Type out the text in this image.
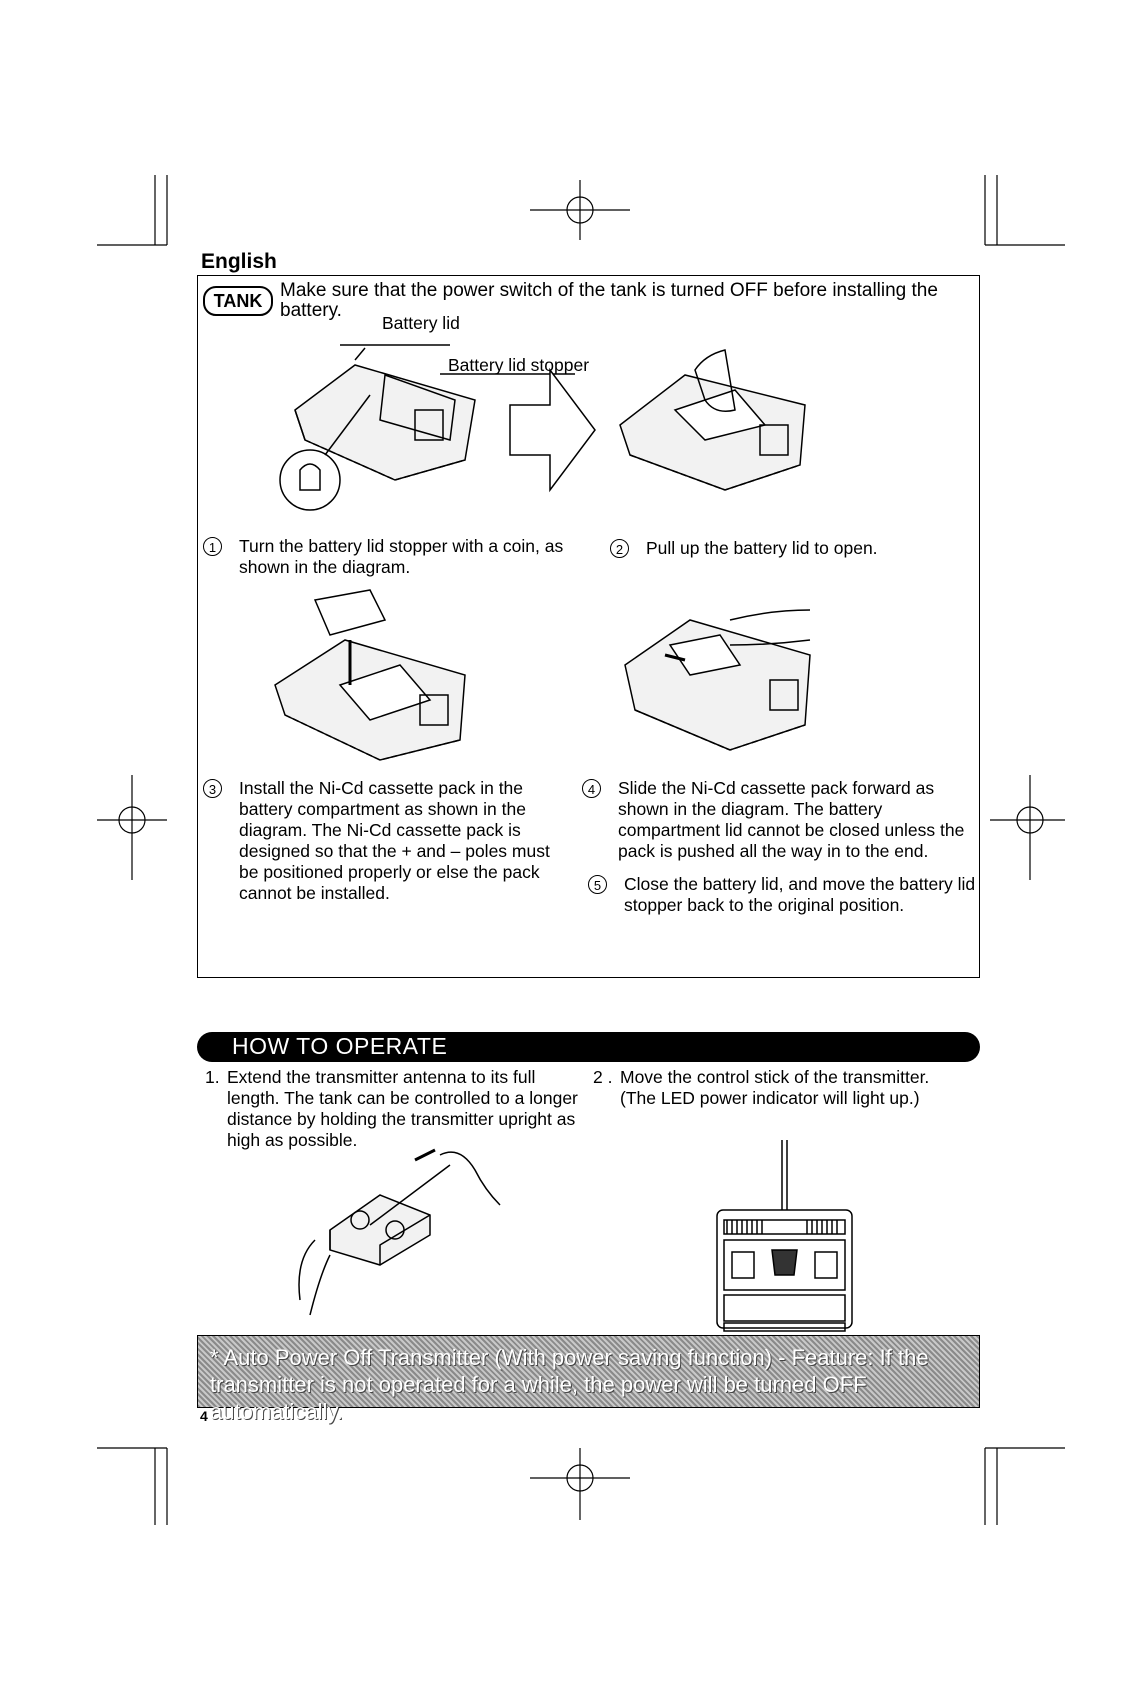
English
TANK Make sure that the power switch of the tank is turned OFF before installing the battery.
Battery lid
Battery lid stopper
1	Turn the battery lid stopper with a coin, as shown in the diagram.
2	Pull up the battery lid to open.
3	Install the Ni-Cd cassette pack in the battery compartment as shown in the diagram. The Ni-Cd cassette pack is designed so that the + and – poles must be positioned properly or else the pack cannot be installed.
4	Slide the Ni-Cd cassette pack forward as shown in the diagram. The battery compartment lid cannot be closed unless the pack is pushed all the way in to the end.
5	Close the battery lid, and move the battery lid stopper back to the original position.
HOW TO OPERATE
1. Extend the transmitter antenna to its full length. The tank can be controlled to a longer distance by holding the transmitter upright as high as possible.
2 . Move the control stick of the transmitter. (The LED power indicator will light up.)
* Auto Power Off Transmitter (With power saving function) - Feature: If the transmitter is not operated for a while, the power will be turned OFF automatically.
4
